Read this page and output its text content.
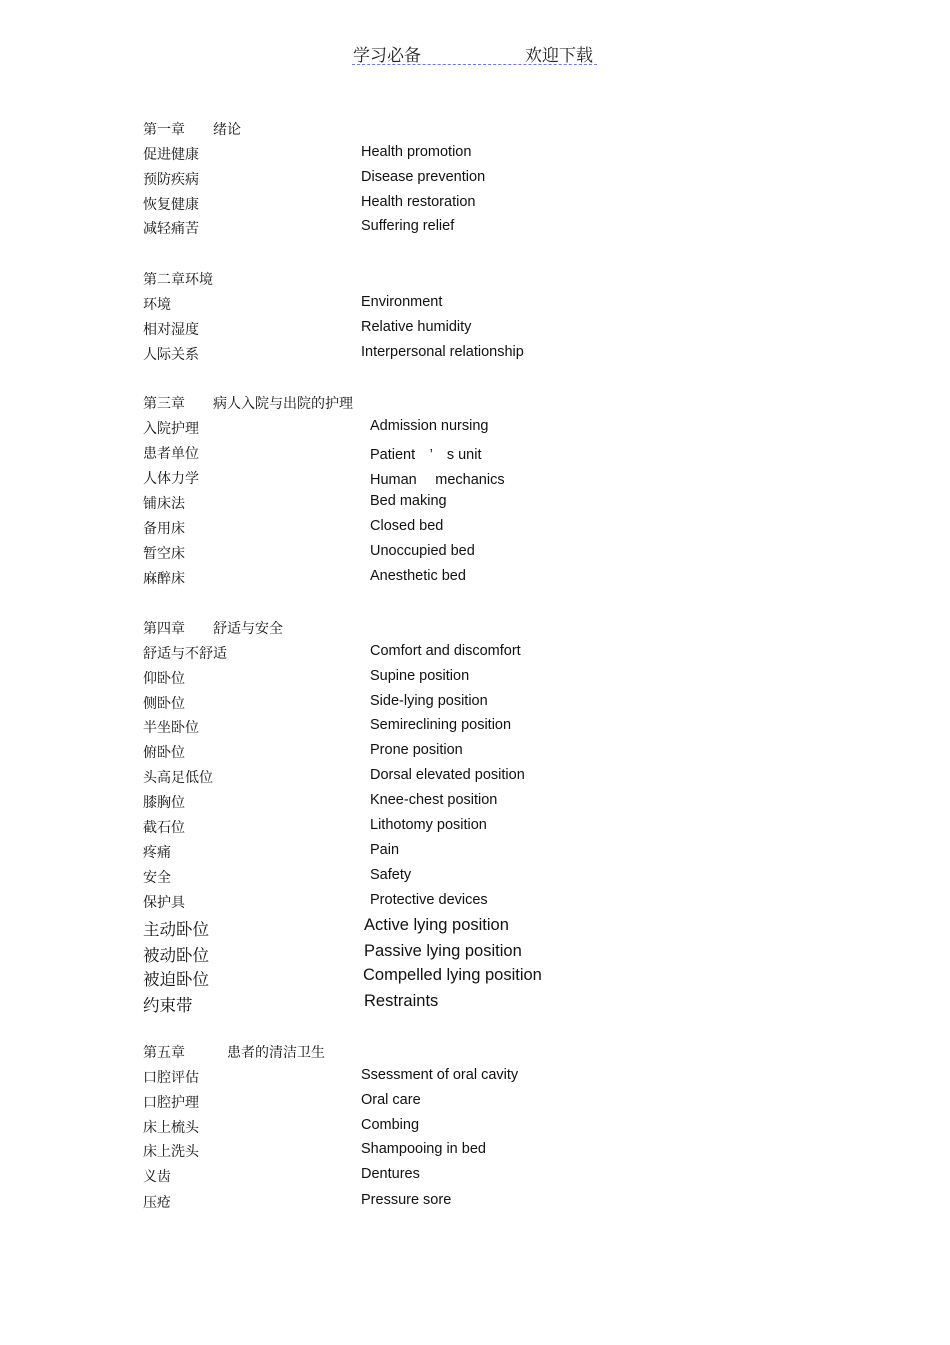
学习必备	欢迎下载
第一章　　绪论
促进健康	Health promotion
预防疾病	Disease prevention
恢复健康	Health restoration
减轻痛苦	Suffering relief
第二章环境
环境	Environment
相对湿度	Relative humidity
人际关系	Interpersonal relationship
第三章　　病人入院与出院的护理
入院护理	Admission nursing
患者单位	Patient　’　s unit
人体力学	Human　 mechanics
铺床法	Bed making
备用床	Closed bed
暂空床	Unoccupied bed
麻醉床	Anesthetic bed
第四章　　舒适与安全
舒适与不舒适	Comfort and discomfort
仰卧位	Supine position
侧卧位	Side-lying position
半坐卧位	Semireclining position
俯卧位	Prone position
头高足低位	Dorsal elevated position
膝胸位	Knee-chest position
截石位	Lithotomy position
疼痛	Pain
安全	Safety
保护具	Protective devices
主动卧位	Active lying position
被动卧位	Passive lying position
被迫卧位	Compelled lying position
约束带	Restraints
第五章　　　患者的清洁卫生
口腔评估	Ssessment of oral cavity
口腔护理	Oral care
床上梳头	Combing
床上洗头	Shampooing in bed
义齿	Dentures
压疮	Pressure sore
